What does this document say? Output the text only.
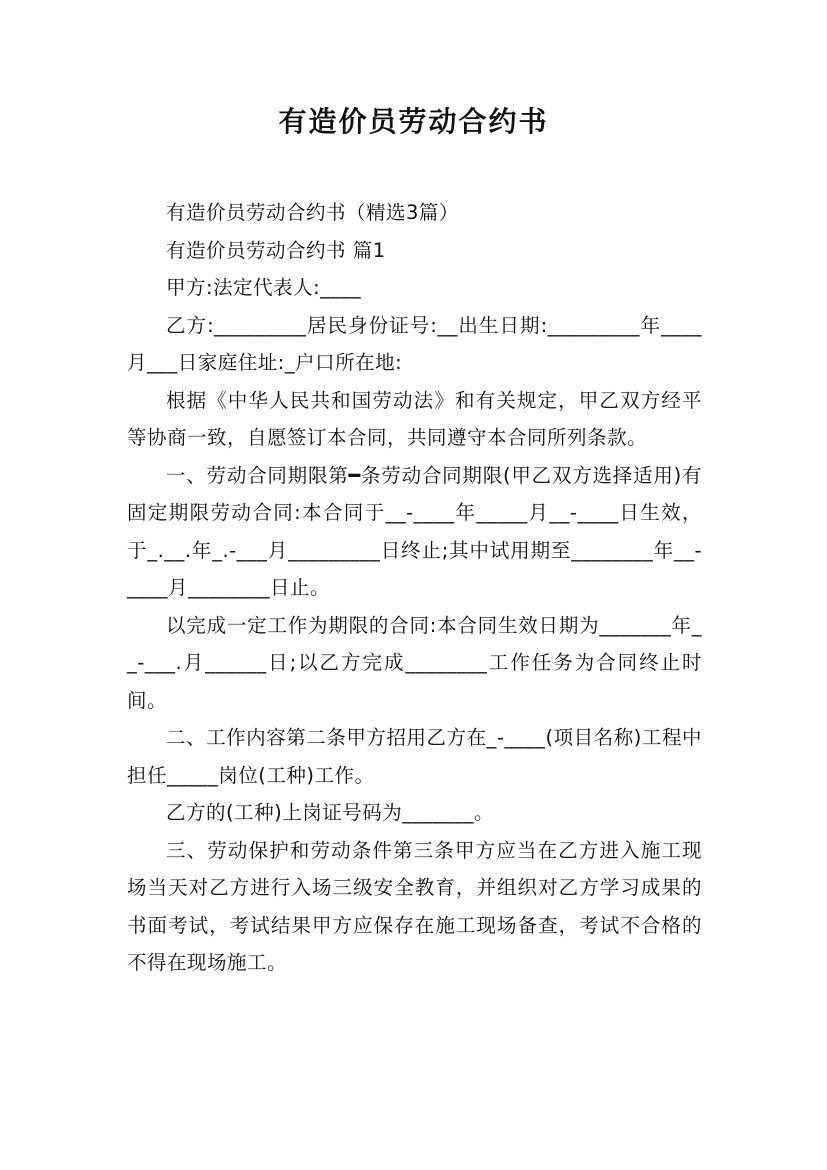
有造价员劳动合约书

有造价员劳动合约书（精选3篇）

有造价员劳动合约书 篇1

甲方:法定代表人:____

乙方:_________居民身份证号:__出生日期:_________年____月___日家庭住址:_户口所在地:

根据《中华人民共和国劳动法》和有关规定，甲乙双方经平等协商一致，自愿签订本合同，共同遵守本合同所列条款。

一、劳动合同期限第━条劳动合同期限(甲乙双方选择适用)有固定期限劳动合同:本合同于__-____年_____月__-____日生效，于_.__.年_.-___月_________日终止;其中试用期至________年__-____月________日止。

以完成一定工作为期限的合同:本合同生效日期为_______年__-___.月______日;以乙方完成________工作任务为合同终止时间。

二、工作内容第二条甲方招用乙方在_-____(项目名称)工程中担任_____岗位(工种)工作。

乙方的(工种)上岗证号码为_______。

三、劳动保护和劳动条件第三条甲方应当在乙方进入施工现场当天对乙方进行入场三级安全教育，并组织对乙方学习成果的书面考试，考试结果甲方应保存在施工现场备查，考试不合格的不得在现场施工。
